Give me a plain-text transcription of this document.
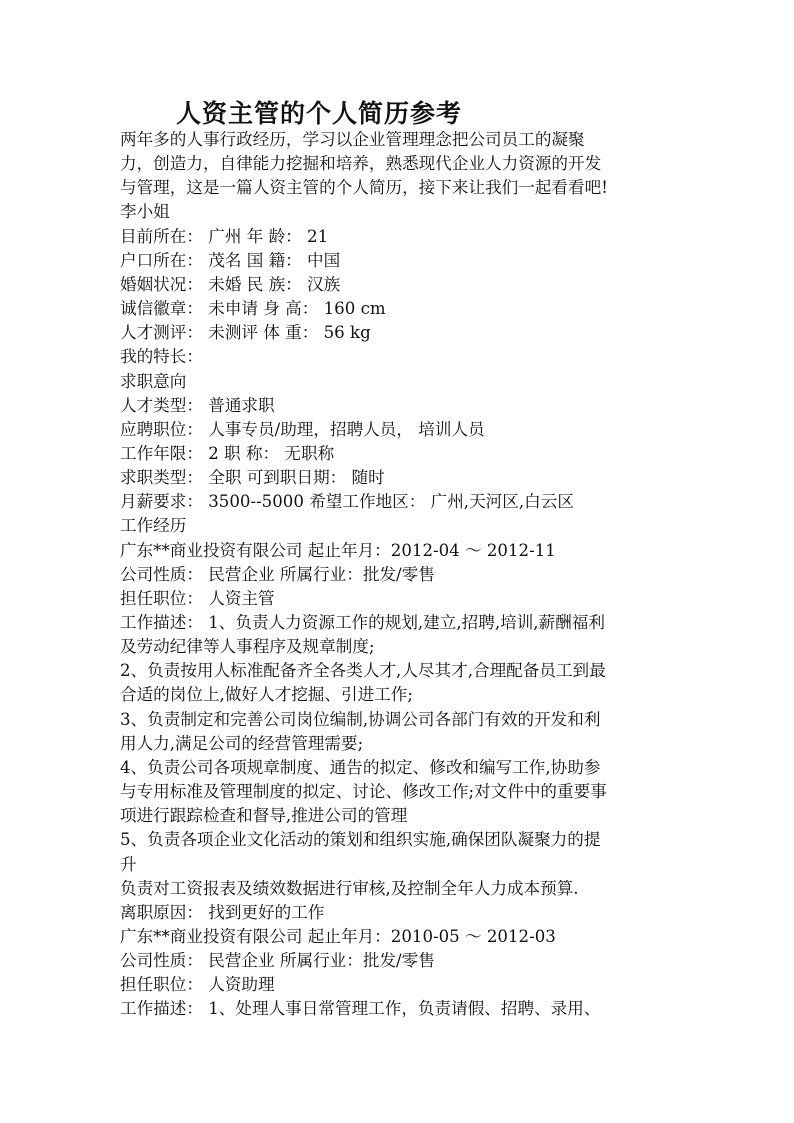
人资主管的个人简历参考
两年多的人事行政经历，学习以企业管理理念把公司员工的凝聚
力，创造力，自律能力挖掘和培养，熟悉现代企业人力资源的开发
与管理，这是一篇人资主管的个人简历，接下来让我们一起看看吧!
李小姐
目前所在： 广州 年 龄： 21
户口所在： 茂名 国 籍： 中国
婚姻状况： 未婚 民 族： 汉族
诚信徽章： 未申请 身 高： 160 cm
人才测评： 未测评 体 重： 56 kg
我的特长：
求职意向
人才类型： 普通求职
应聘职位： 人事专员/助理，招聘人员， 培训人员
工作年限： 2 职 称： 无职称
求职类型： 全职 可到职日期： 随时
月薪要求： 3500--5000 希望工作地区： 广州,天河区,白云区
工作经历
广东**商业投资有限公司 起止年月：2012-04 ～ 2012-11
公司性质： 民营企业 所属行业：批发/零售
担任职位： 人资主管
工作描述： 1、负责人力资源工作的规划,建立,招聘,培训,薪酬福利
及劳动纪律等人事程序及规章制度;
2、负责按用人标准配备齐全各类人才,人尽其才,合理配备员工到最
合适的岗位上,做好人才挖掘、引进工作;
3、负责制定和完善公司岗位编制,协调公司各部门有效的开发和利
用人力,满足公司的经营管理需要;
4、负责公司各项规章制度、通告的拟定、修改和编写工作,协助参
与专用标准及管理制度的拟定、讨论、修改工作;对文件中的重要事
项进行跟踪检查和督导,推进公司的管理
5、负责各项企业文化活动的策划和组织实施,确保团队凝聚力的提
升
负责对工资报表及绩效数据进行审核,及控制全年人力成本预算.
离职原因： 找到更好的工作
广东**商业投资有限公司 起止年月：2010-05 ～ 2012-03
公司性质： 民营企业 所属行业：批发/零售
担任职位： 人资助理
工作描述： 1、处理人事日常管理工作，负责请假、招聘、录用、
